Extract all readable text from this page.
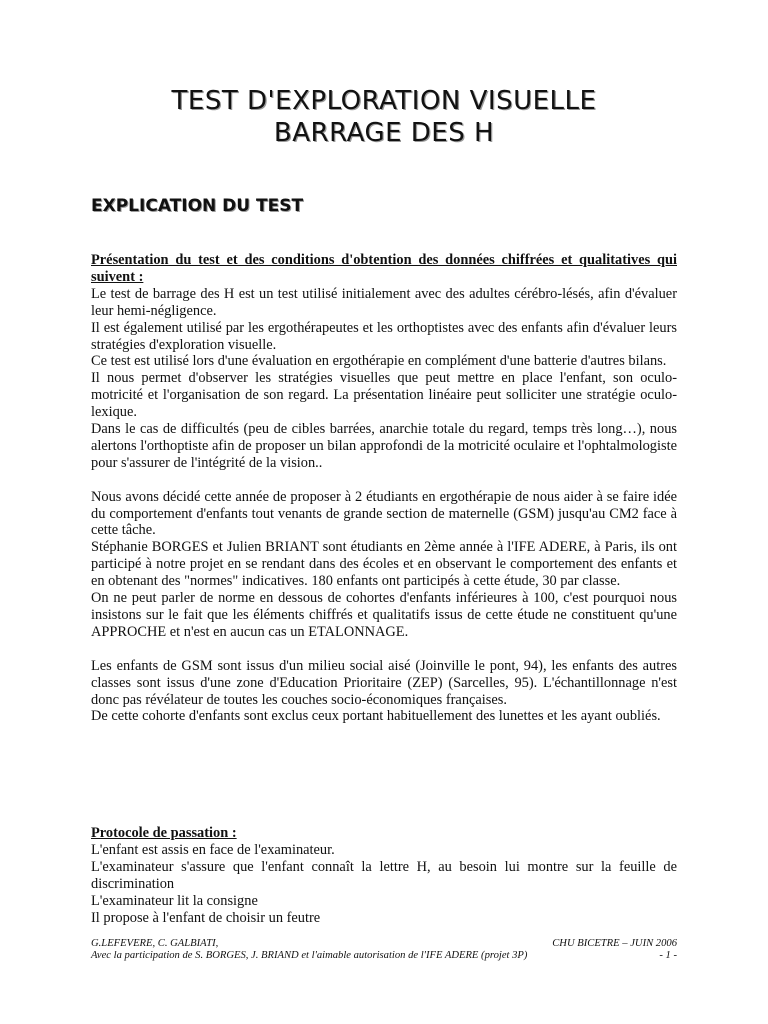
TEST D'EXPLORATION VISUELLE
BARRAGE DES H
EXPLICATION DU TEST

Présentation du test et des conditions d'obtention des données chiffrées et qualitatives qui suivent :

Le test de barrage des H est un test utilisé initialement avec des adultes cérébro-lésés, afin d'évaluer leur hemi-négligence.

Il est également utilisé par les ergothérapeutes et les orthoptistes avec des enfants afin d'évaluer leurs stratégies d'exploration visuelle.

Ce test est utilisé lors d'une évaluation en ergothérapie en complément d'une batterie d'autres bilans.

Il nous permet d'observer les stratégies visuelles que peut mettre en place l'enfant, son oculo-motricité et l'organisation de son regard. La présentation linéaire peut solliciter une stratégie oculo-lexique.

Dans le cas de difficultés (peu de cibles barrées, anarchie totale du regard, temps très long…), nous alertons l'orthoptiste afin de proposer un bilan approfondi de la motricité oculaire et l'ophtalmologiste pour s'assurer de l'intégrité de la vision..

Nous avons décidé cette année de proposer à 2 étudiants en ergothérapie de nous aider à se faire idée du comportement d'enfants tout venants de grande section de maternelle (GSM) jusqu'au CM2 face à cette tâche.

Stéphanie BORGES et Julien BRIANT sont étudiants en 2ème année à l'IFE ADERE, à Paris, ils ont participé à notre projet en se rendant dans des écoles et en observant le comportement des enfants et en obtenant des "normes" indicatives. 180 enfants ont participés à cette étude, 30 par classe.

On ne peut parler de norme en dessous de cohortes d'enfants inférieures à 100, c'est pourquoi nous insistons sur le fait que les éléments chiffrés et qualitatifs issus de cette étude ne constituent qu'une APPROCHE et n'est en aucun cas un ETALONNAGE.

Les enfants de GSM sont issus d'un milieu social aisé (Joinville le pont, 94), les enfants des autres classes sont issus d'une zone d'Education Prioritaire (ZEP) (Sarcelles, 95). L'échantillonnage n'est donc pas révélateur de toutes les couches socio-économiques françaises.

De cette cohorte d'enfants sont exclus ceux portant habituellement des lunettes et les ayant oubliés.

Protocole de passation :

L'enfant est assis en face de l'examinateur.

L'examinateur s'assure que l'enfant connaît la lettre H, au besoin lui montre sur la feuille de discrimination

L'examinateur lit la consigne

Il propose à l'enfant de choisir un feutre

G.LEFEVERE, C. GALBIATI,	CHU BICETRE – JUIN 2006
Avec la participation de S. BORGES, J. BRIAND et l'aimable autorisation de l'IFE ADERE (projet 3P)	- 1 -
